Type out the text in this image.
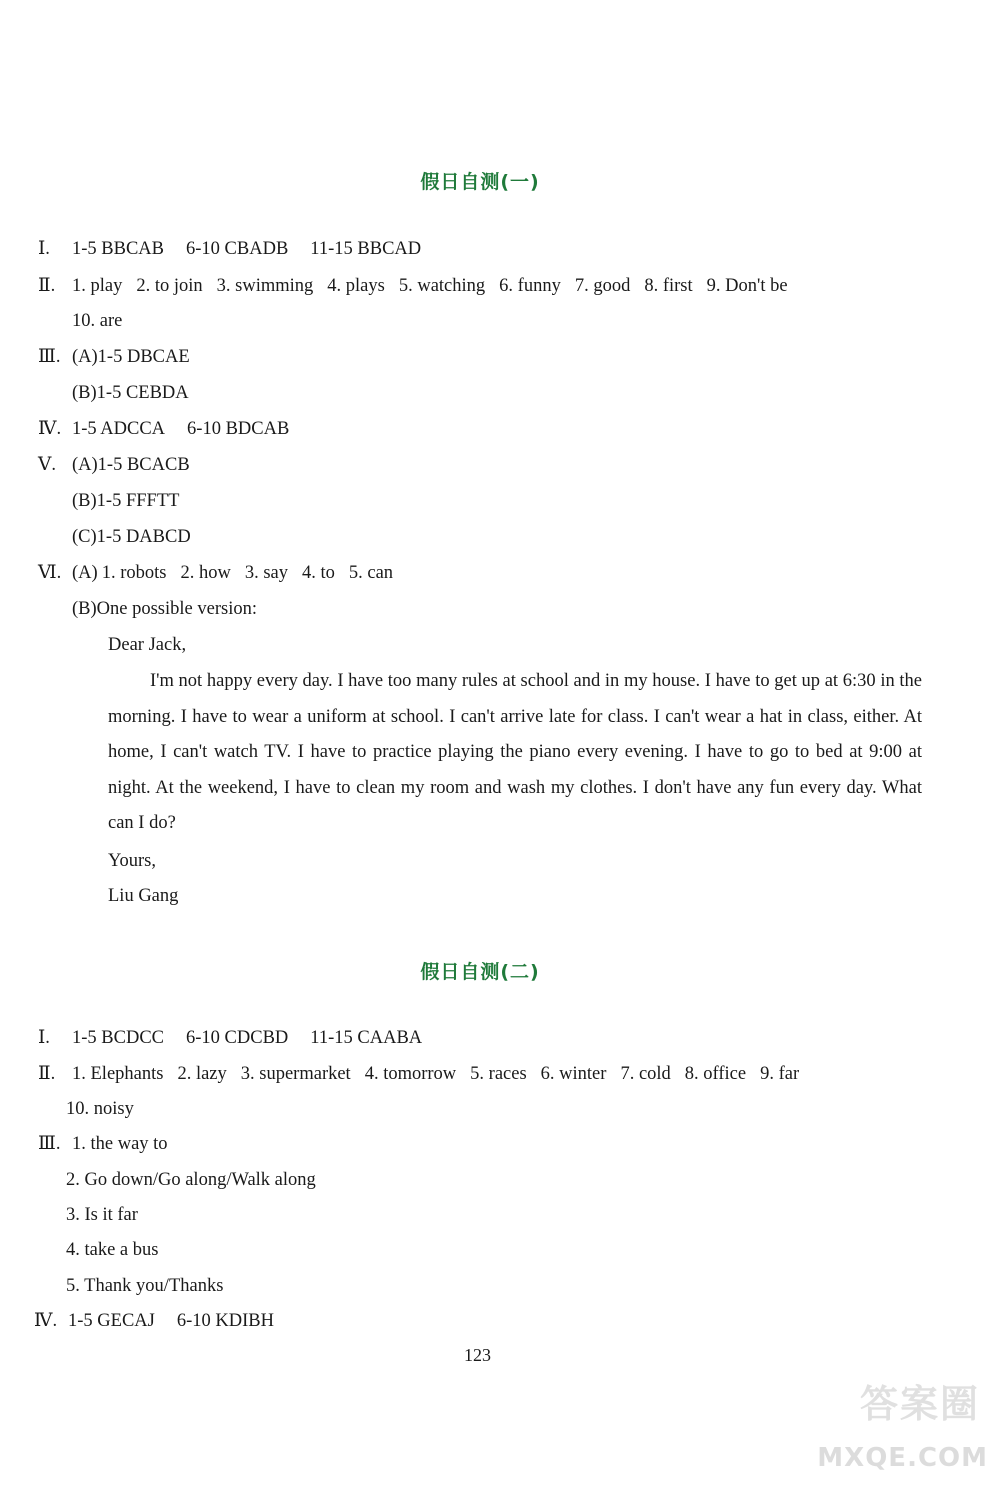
假日自测(一)
Ⅰ. 1-5 BBCAB 6-10 CBADB 11-15 BBCAD
Ⅱ. 1. play 2. to join 3. swimming 4. plays 5. watching 6. funny 7. good 8. first 9. Don't be
10. are
Ⅲ. (A)1-5 DBCAE
(B)1-5 CEBDA
Ⅳ. 1-5 ADCCA 6-10 BDCAB
Ⅴ. (A)1-5 BCACB
(B)1-5 FFFTT
(C)1-5 DABCD
Ⅵ. (A) 1. robots 2. how 3. say 4. to 5. can
(B)One possible version:
Dear Jack,
I'm not happy every day. I have too many rules at school and in my house. I have to get up at 6:30 in the morning. I have to wear a uniform at school. I can't arrive late for class. I can't wear a hat in class, either. At home, I can't watch TV. I have to practice playing the piano every evening. I have to go to bed at 9:00 at night. At the weekend, I have to clean my room and wash my clothes. I don't have any fun every day. What can I do?
Yours,
Liu Gang
假日自测(二)
Ⅰ. 1-5 BCDCC 6-10 CDCBD 11-15 CAABA
Ⅱ. 1. Elephants 2. lazy 3. supermarket 4. tomorrow 5. races 6. winter 7. cold 8. office 9. far
10. noisy
Ⅲ. 1. the way to
2. Go down/Go along/Walk along
3. Is it far
4. take a bus
5. Thank you/Thanks
Ⅳ. 1-5 GECAJ 6-10 KDIBH
123
答案圈
MXQE.COM
